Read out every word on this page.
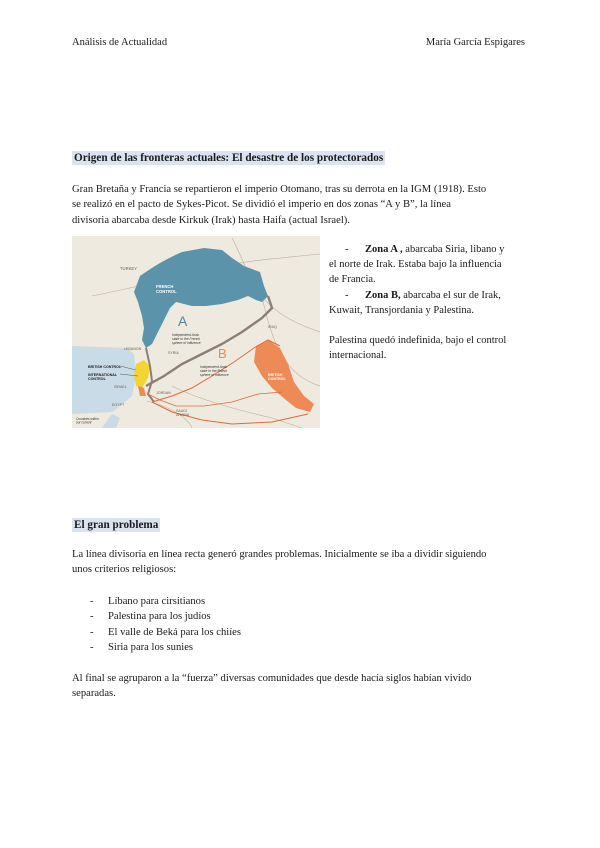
Análisis de Actualidad	María García Espigares
Origen de las fronteras actuales: El desastre de los protectorados
Gran Bretaña y Francia se repartieron el imperio Otomano, tras su derrota en la IGM (1918). Esto
se realizó en el pacto de Sykes-Picot. Se dividió el imperio en dos zonas “A y B”, la línea
divisoria abarcaba desde Kirkuk (Irak) hasta Haifa (actual Israel).
TURKEY
FRENCH CONTROL
A
B
Independent Arab state in the French sphere of influence
Independent Arab state in the British sphere of influence	BRITISH CONTROL
BRITISH CONTROL
INTERNATIONAL CONTROL
LEBANON
SYRIA
IRAQ
ISRAEL
JORDAN
EGYPT
SAUDI ARABIA
Countries within our current
-	Zona A , abarcaba Siria, libano y
el norte de Irak. Estaba bajo la influencia
de Francia.
-	Zona B, abarcaba el sur de Irak,
Kuwait, Transjordania y Palestina.
Palestina quedó indefinida, bajo el control
internacional.
El gran problema
La línea divisoria en línea recta generó grandes problemas. Inicialmente se iba a dividir siguiendo
unos criterios religiosos:
- Líbano para cirsitianos
- Palestina para los judíos
- El valle de Beká para los chiíes
- Siria para los sunies
Al final se agruparon a la “fuerza” diversas comunidades que desde hacía siglos habían vivido
separadas.
